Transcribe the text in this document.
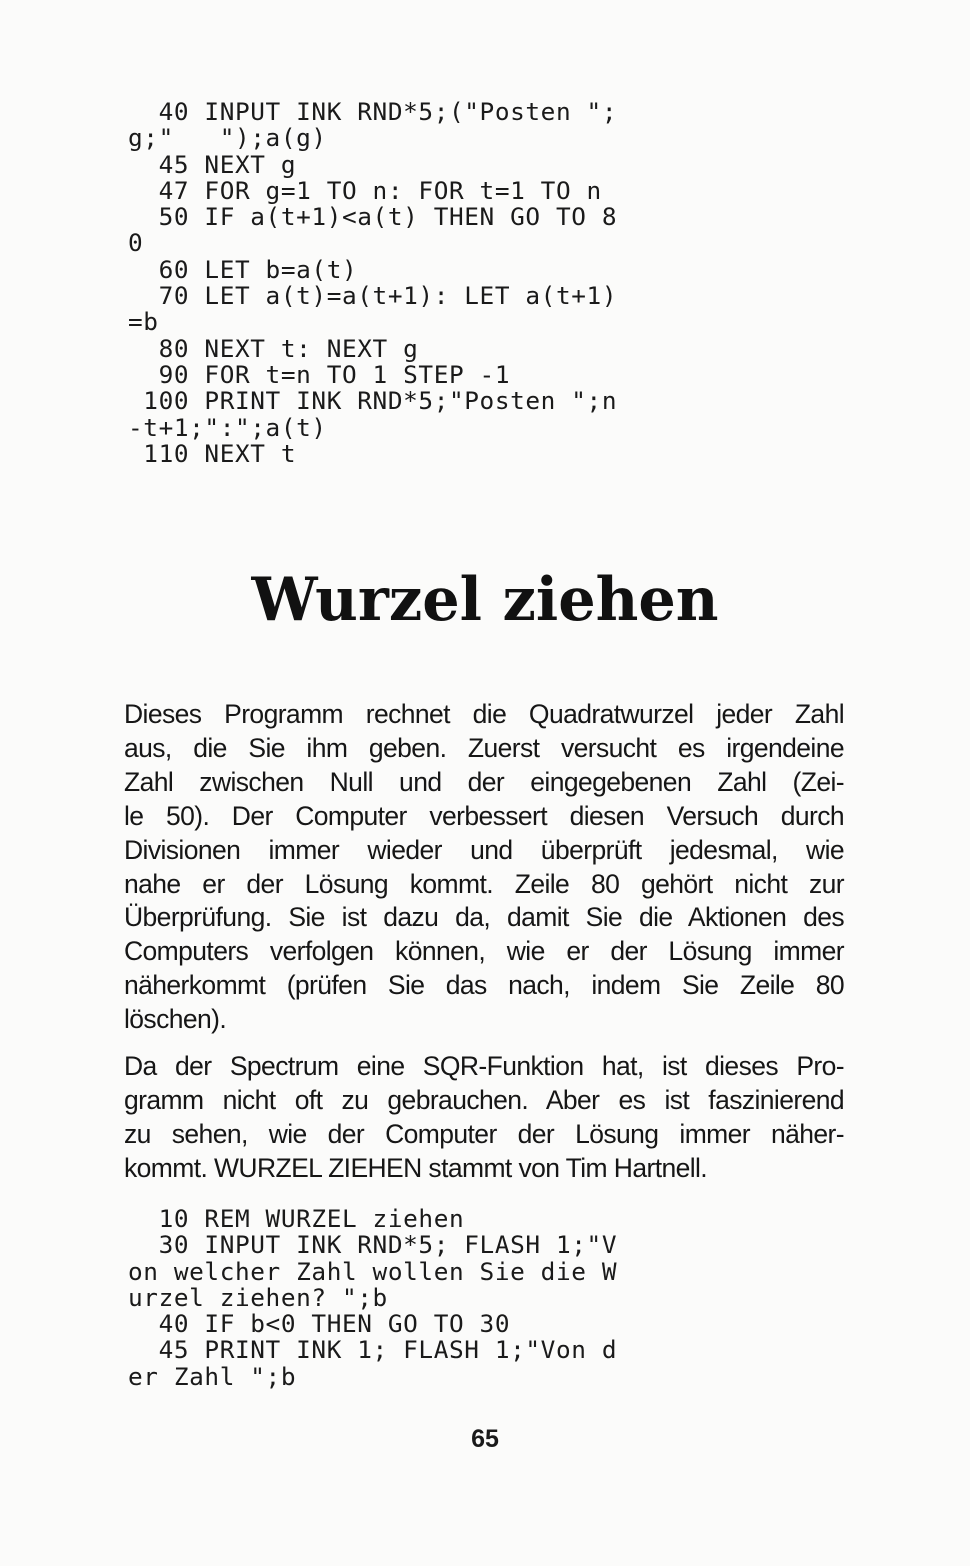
40 INPUT INK RND*5;("Posten ";
g;"   ");a(g)
45 NEXT g
47 FOR g=1 TO n: FOR t=1 TO n
50 IF a(t+1)<a(t) THEN GO TO 8
0
60 LET b=a(t)
70 LET a(t)=a(t+1): LET a(t+1)
=b
80 NEXT t: NEXT g
90 FOR t=n TO 1 STEP -1
100 PRINT INK RND*5;"Posten ";n
-t+1;":";a(t)
110 NEXT t
Wurzel ziehen

Dieses Programm rechnet die Quadratwurzel jeder Zahl
aus, die Sie ihm geben. Zuerst versucht es irgendeine
Zahl zwischen Null und der eingegebenen Zahl (Zei-
le 50). Der Computer verbessert diesen Versuch durch
Divisionen immer wieder und überprüft jedesmal, wie
nahe er der Lösung kommt. Zeile 80 gehört nicht zur
Überprüfung. Sie ist dazu da, damit Sie die Aktionen des
Computers verfolgen können, wie er der Lösung immer
näherkommt (prüfen Sie das nach, indem Sie Zeile 80
löschen).

Da der Spectrum eine SQR-Funktion hat, ist dieses Pro-
gramm nicht oft zu gebrauchen. Aber es ist faszinierend
zu sehen, wie der Computer der Lösung immer näher-
kommt. WURZEL ZIEHEN stammt von Tim Hartnell.

10 REM WURZEL ziehen
30 INPUT INK RND*5; FLASH 1;"V
on welcher Zahl wollen Sie die W
urzel ziehen? ";b
40 IF b<0 THEN GO TO 30
45 PRINT INK 1; FLASH 1;"Von d
er Zahl ";b
65
